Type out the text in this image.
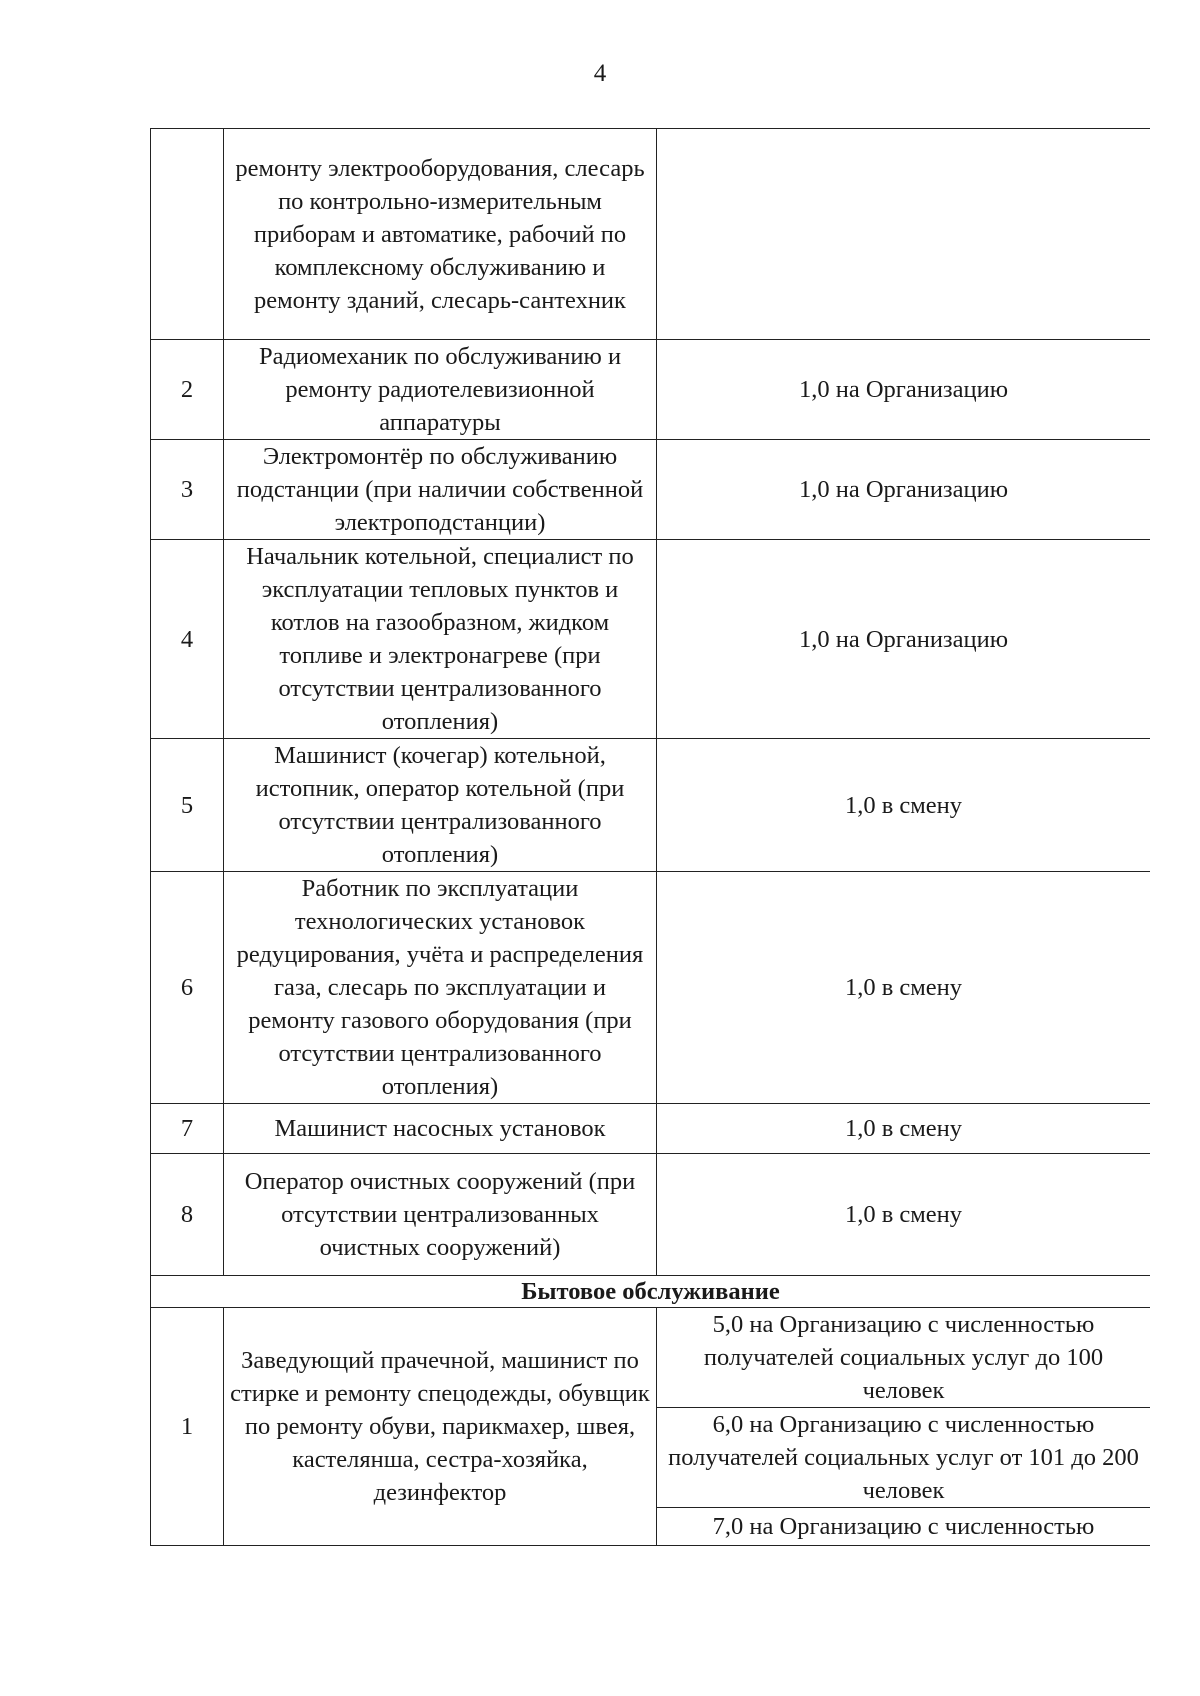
4
	ремонту электрооборудования, слесарь по контрольно-измерительным приборам и автоматике, рабочий по комплексному обслуживанию и ремонту зданий, слесарь-сантехник	
2	Радиомеханик по обслуживанию и ремонту радиотелевизионной аппаратуры	1,0 на Организацию
3	Электромонтёр по обслуживанию подстанции (при наличии собственной электроподстанции)	1,0 на Организацию
4	Начальник котельной, специалист по эксплуатации тепловых пунктов и котлов на газообразном, жидком топливе и электронагреве (при отсутствии централизованного отопления)	1,0 на Организацию
5	Машинист (кочегар) котельной, истопник, оператор котельной (при отсутствии централизованного отопления)	1,0 в смену
6	Работник по эксплуатации технологических установок редуцирования, учёта и распределения газа, слесарь по эксплуатации и ремонту газового оборудования (при отсутствии централизованного отопления)	1,0 в смену
7	Машинист насосных установок	1,0 в смену
8	Оператор очистных сооружений (при отсутствии централизованных очистных сооружений)	1,0 в смену
Бытовое обслуживание		
1	Заведующий прачечной, машинист по стирке и ремонту спецодежды, обувщик по ремонту обуви, парикмахер, швея, кастелянша, сестра-хозяйка, дезинфектор	5,0 на Организацию с численностью получателей социальных услуг до 100 человек
		6,0 на Организацию с численностью получателей социальных услуг от 101 до 200 человек
		7,0 на Организацию с численностью
